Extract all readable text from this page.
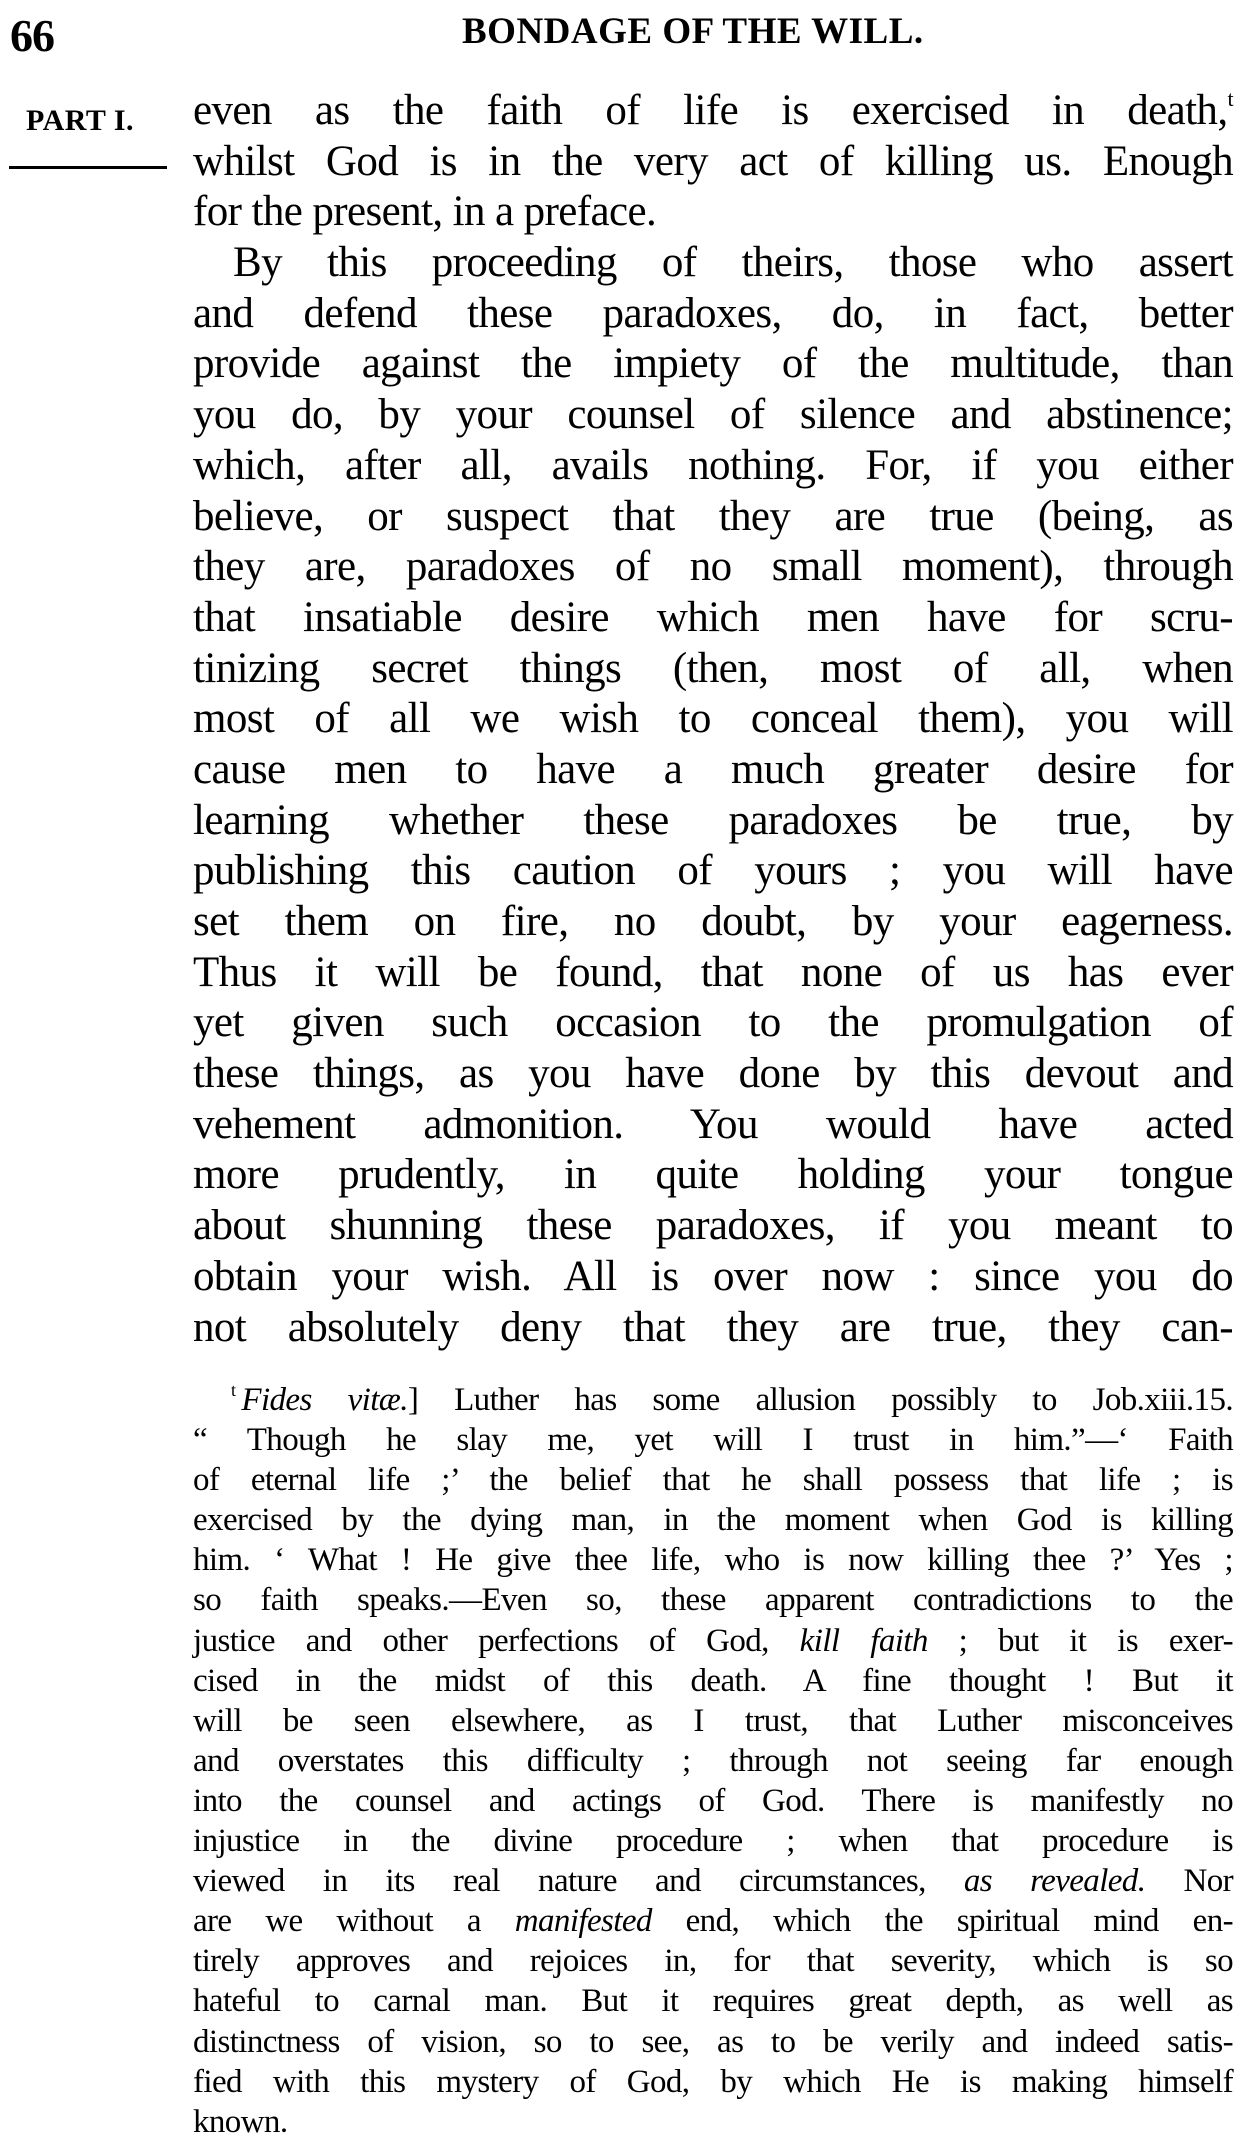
66	BONDAGE OF THE WILL.
PART I. even as the faith of life is exercised in death,$^t$
whilst God is in the very act of killing us. Enough
for the present, in a preface.
By this proceeding of theirs, those who assert
and defend these paradoxes, do, in fact, better
provide against the impiety of the multitude, than
you do, by your counsel of silence and abstinence;
which, after all, avails nothing. For, if you either
believe, or suspect that they are true (being, as
they are, paradoxes of no small moment), through
that insatiable desire which men have for scru-
tinizing secret things (then, most of all, when
most of all we wish to conceal them), you will
cause men to have a much greater desire for
learning whether these paradoxes be true, by
publishing this caution of yours ; you will have
set them on fire, no doubt, by your eagerness.
Thus it will be found, that none of us has ever
yet given such occasion to the promulgation of
these things, as you have done by this devout and
vehement admonition. You would have acted
more prudently, in quite holding your tongue
about shunning these paradoxes, if you meant to
obtain your wish. All is over now : since you do
not absolutely deny that they are true, they can-
$^t$ Fides vitæ.] Luther has some allusion possibly to Job.xiii.15.
“ Though he slay me, yet will I trust in him.”—‘ Faith
of eternal life ;’ the belief that he shall possess that life ; is
exercised by the dying man, in the moment when God is killing
him. ‘ What ! He give thee life, who is now killing thee ?’ Yes ;
so faith speaks.—Even so, these apparent contradictions to the
justice and other perfections of God, kill faith ; but it is exer-
cised in the midst of this death. A fine thought ! But it
will be seen elsewhere, as I trust, that Luther misconceives
and overstates this difficulty ; through not seeing far enough
into the counsel and actings of God. There is manifestly no
injustice in the divine procedure ; when that procedure is
viewed in its real nature and circumstances, as revealed. Nor
are we without a manifested end, which the spiritual mind en-
tirely approves and rejoices in, for that severity, which is so
hateful to carnal man. But it requires great depth, as well as
distinctness of vision, so to see, as to be verily and indeed satis-
fied with this mystery of God, by which He is making himself
known.
